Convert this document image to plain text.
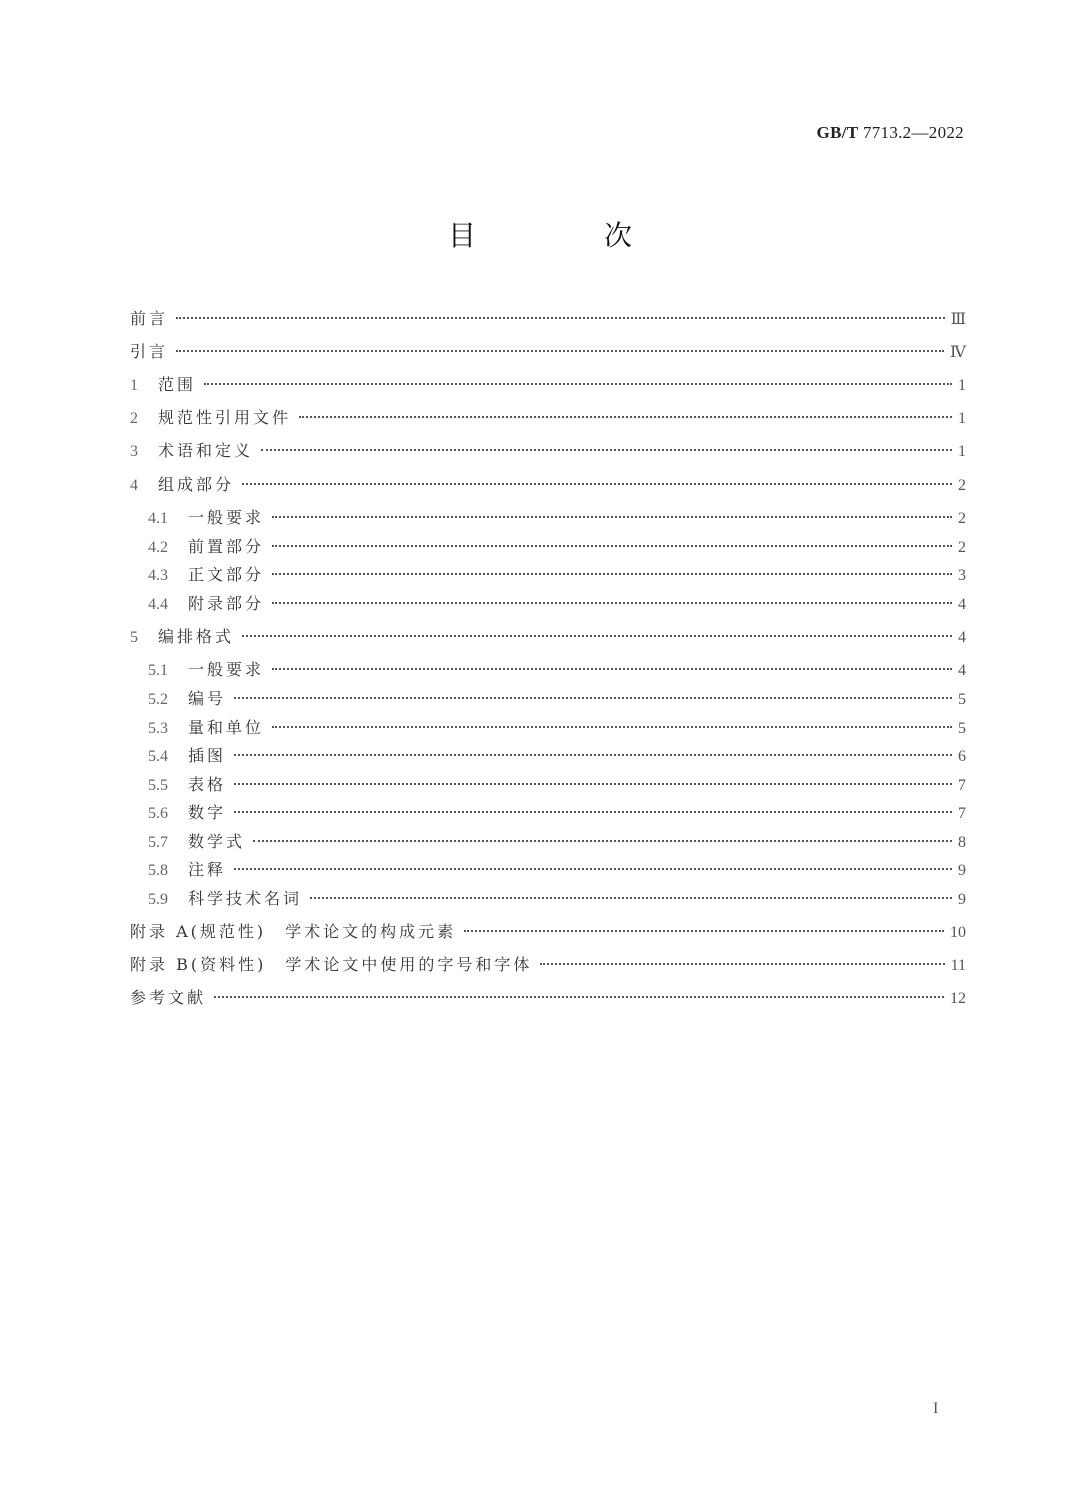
GB/T 7713.2—2022
目　次
前言	Ⅲ
引言	Ⅳ
1 范围	1
2 规范性引用文件	1
3 术语和定义	1
4 组成部分	2
4.1 一般要求	2
4.2 前置部分	2
4.3 正文部分	3
4.4 附录部分	4
5 编排格式	4
5.1 一般要求	4
5.2 编号	5
5.3 量和单位	5
5.4 插图	6
5.5 表格	7
5.6 数字	7
5.7 数学式	8
5.8 注释	9
5.9 科学技术名词	9
附录 A(规范性)　学术论文的构成元素	10
附录 B(资料性)　学术论文中使用的字号和字体	11
参考文献	12
I
